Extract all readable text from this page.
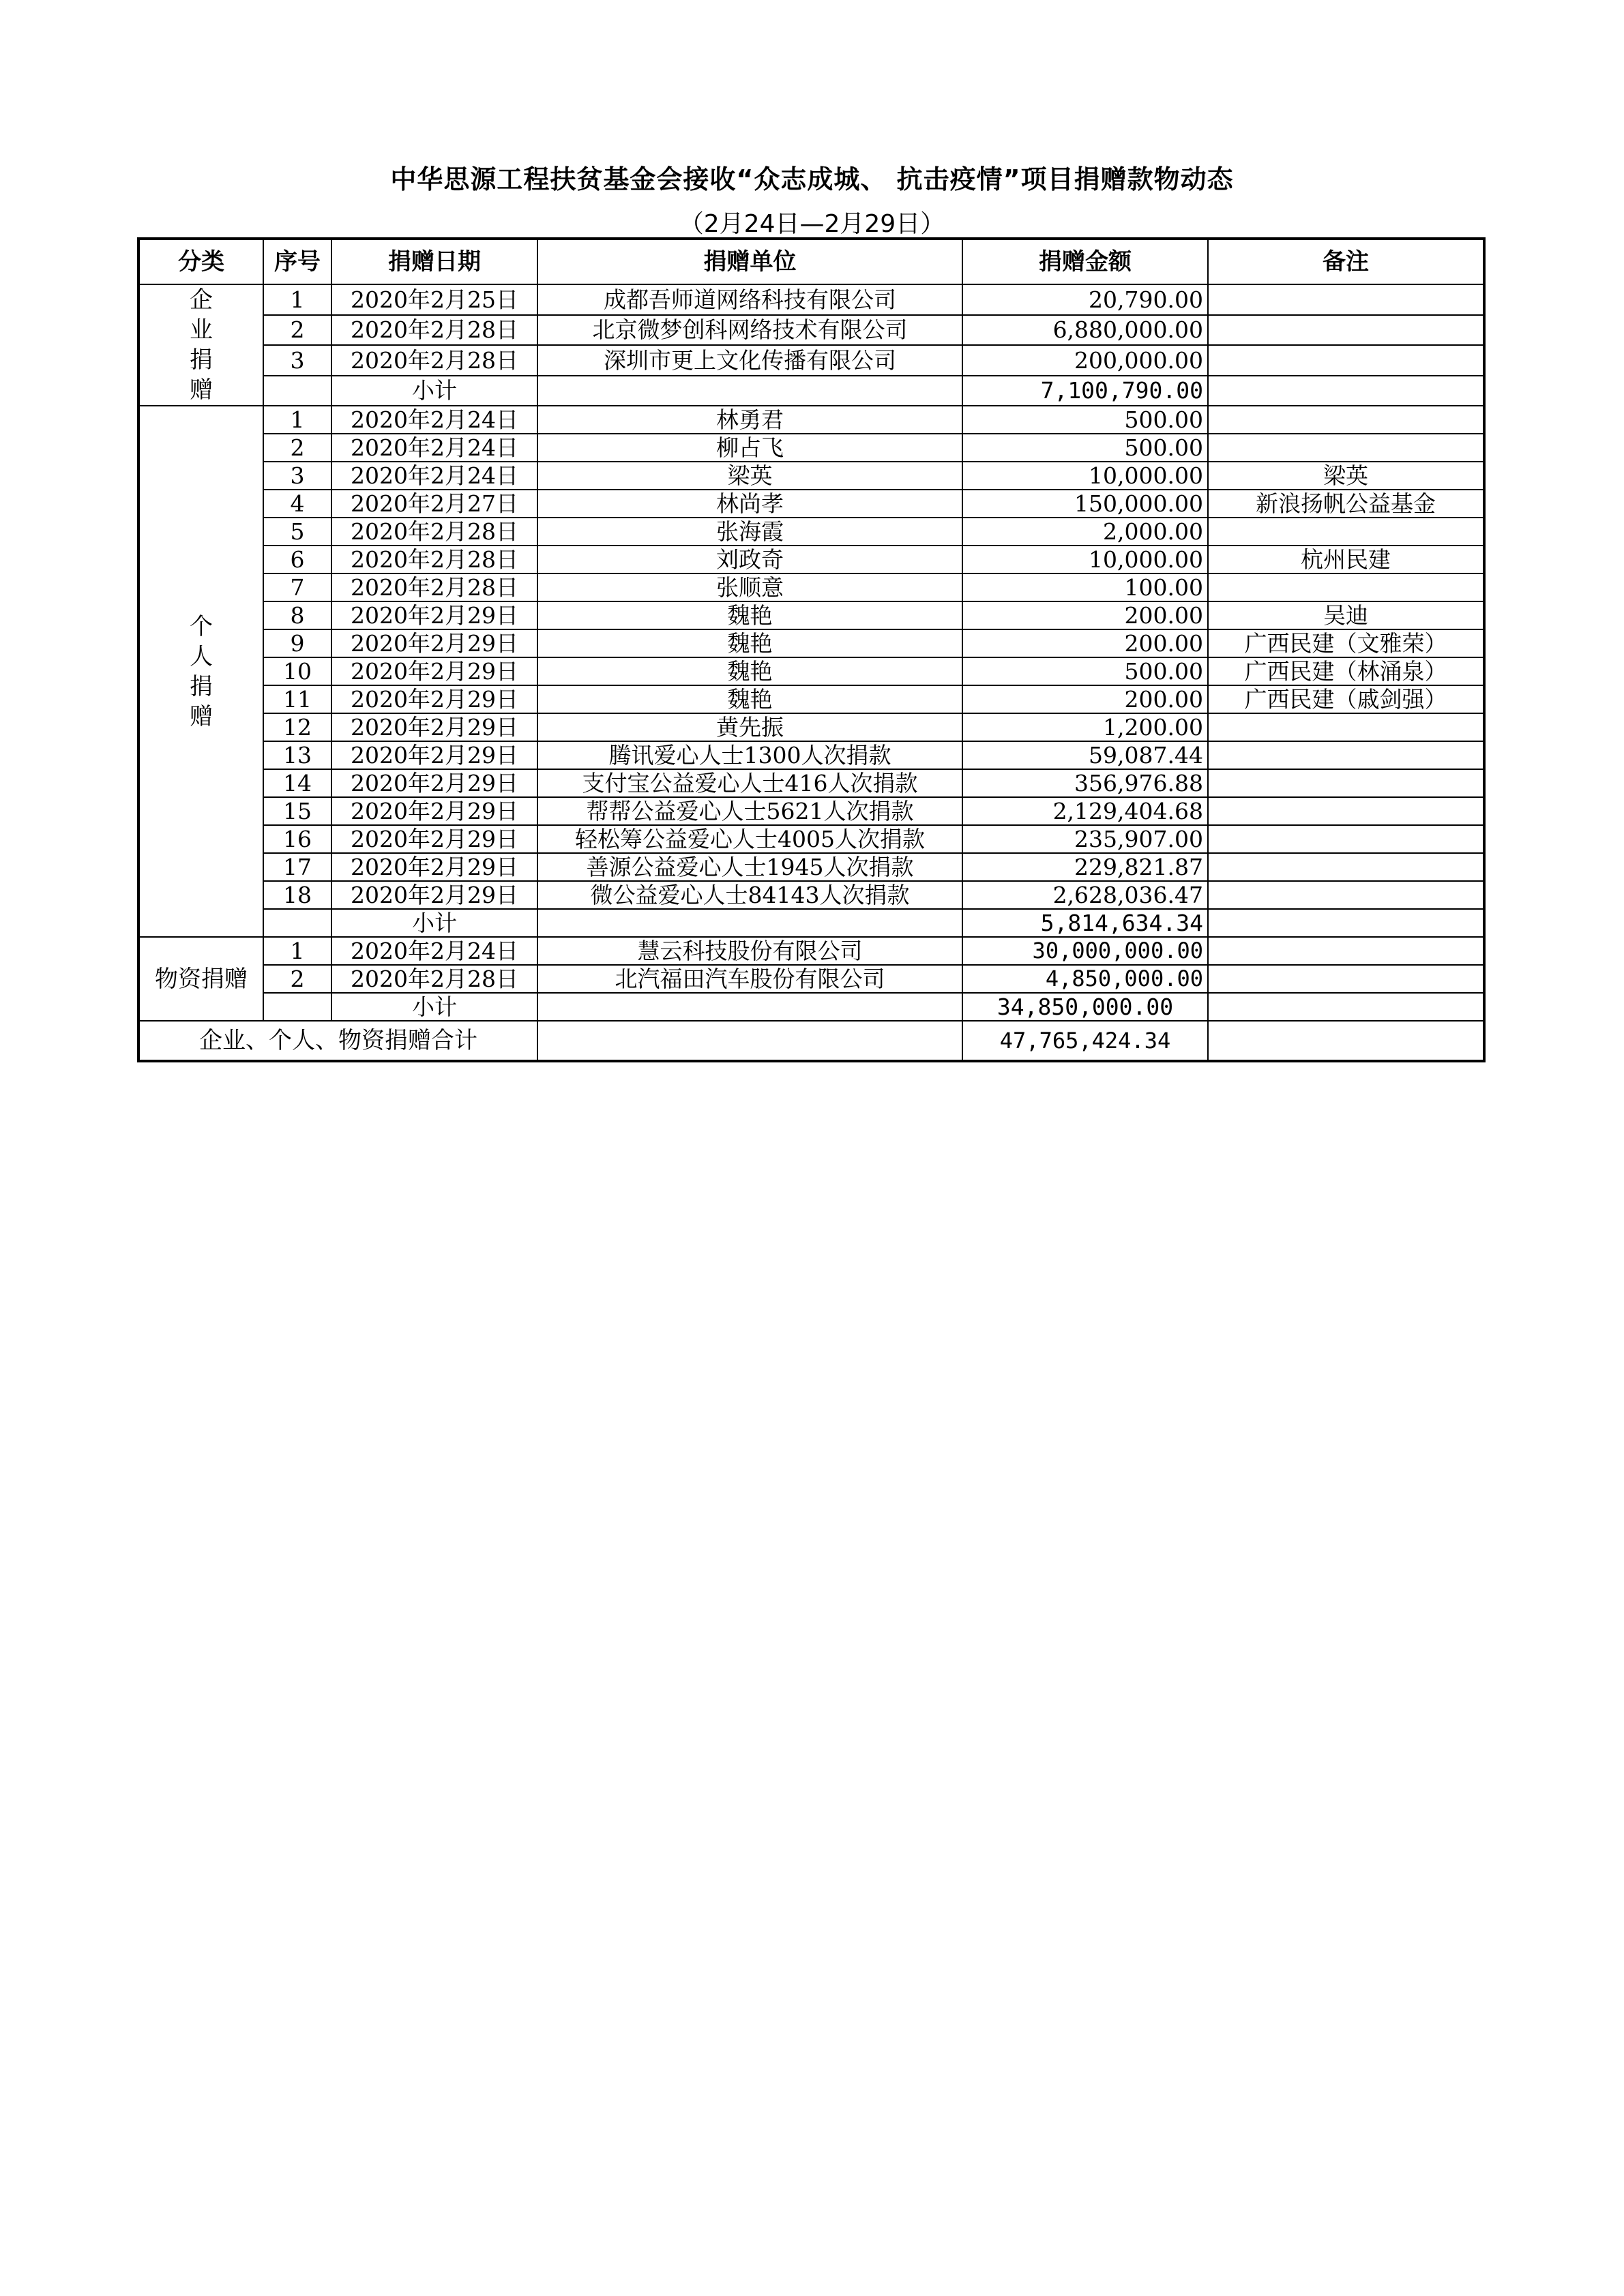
中华思源工程扶贫基金会接收“众志成城、 抗击疫情”项目捐赠款物动态
（2月24日—2月29日）
分类	序号	捐赠日期	捐赠单位	捐赠金额	备注

企
业
捐
赠	1	2020年2月25日	成都吾师道网络科技有限公司	20,790.00	
	2	2020年2月28日	北京微梦创科网络技术有限公司	6,880,000.00	
	3	2020年2月28日	深圳市更上文化传播有限公司	200,000.00	
		小计		7,100,790.00	

个
人
捐
赠	1	2020年2月24日	林勇君	500.00	
	2	2020年2月24日	柳占飞	500.00	
	3	2020年2月24日	梁英	10,000.00	梁英
	4	2020年2月27日	林尚孝	150,000.00	新浪扬帆公益基金
	5	2020年2月28日	张海霞	2,000.00	
	6	2020年2月28日	刘政奇	10,000.00	杭州民建
	7	2020年2月28日	张顺意	100.00	
	8	2020年2月29日	魏艳	200.00	吴迪
	9	2020年2月29日	魏艳	200.00	广西民建（文雅荣）
	10	2020年2月29日	魏艳	500.00	广西民建（林涌泉）
	11	2020年2月29日	魏艳	200.00	广西民建（戚剑强）
	12	2020年2月29日	黄先振	1,200.00	
	13	2020年2月29日	腾讯爱心人士1300人次捐款	59,087.44	
	14	2020年2月29日	支付宝公益爱心人士416人次捐款	356,976.88	
	15	2020年2月29日	帮帮公益爱心人士5621人次捐款	2,129,404.68	
	16	2020年2月29日	轻松筹公益爱心人士4005人次捐款	235,907.00	
	17	2020年2月29日	善源公益爱心人士1945人次捐款	229,821.87	
	18	2020年2月29日	微公益爱心人士84143人次捐款	2,628,036.47	
		小计		5,814,634.34	
物资捐赠	1	2020年2月24日	慧云科技股份有限公司	30,000,000.00	
	2	2020年2月28日	北汽福田汽车股份有限公司	4,850,000.00	
		小计		34,850,000.00	
企业、个人、物资捐赠合计				47,765,424.34	
